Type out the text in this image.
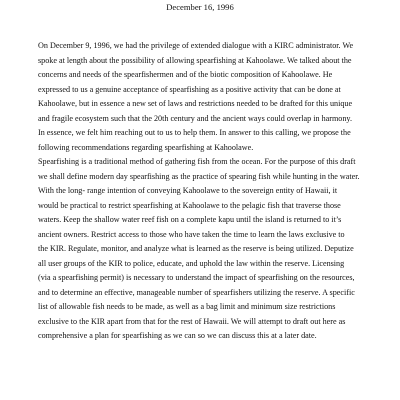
December 16, 1996
On December 9, 1996, we had the privilege of extended dialogue with a KIRC administrator. We
spoke at length about the possibility of allowing spearfishing at Kahoolawe. We talked about the
concerns and needs of the spearfishermen and of the biotic composition of Kahoolawe. He
expressed to us a genuine acceptance of spearfishing as a positive activity that can be done at
Kahoolawe, but in essence a new set of laws and restrictions needed to be drafted for this unique
and fragile ecosystem such that the 20th century and the ancient ways could overlap in harmony.
In essence, we felt him reaching out to us to help them. In answer to this calling, we propose the
following recommendations regarding spearfishing at Kahoolawe.
Spearfishing is a traditional method of gathering fish from the ocean. For the purpose of this draft
we shall define modern day spearfishing as the practice of spearing fish while hunting in the water.
With the long- range intention of conveying Kahoolawe to the sovereign entity of Hawaii, it
would be practical to restrict spearfishing at Kahoolawe to the pelagic fish that traverse those
waters. Keep the shallow water reef fish on a complete kapu until the island is returned to it’s
ancient owners. Restrict access to those who have taken the time to learn the laws exclusive to
the KIR. Regulate, monitor, and analyze what is learned as the reserve is being utilized. Deputize
all user groups of the KIR to police, educate, and uphold the law within the reserve. Licensing
(via a spearfishing permit) is necessary to understand the impact of spearfishing on the resources,
and to determine an effective, manageable number of spearfishers utilizing the reserve. A specific
list of allowable fish needs to be made, as well as a bag limit and minimum size restrictions
exclusive to the KIR apart from that for the rest of Hawaii. We will attempt to draft out here as
comprehensive a plan for spearfishing as we can so we can discuss this at a later date.
